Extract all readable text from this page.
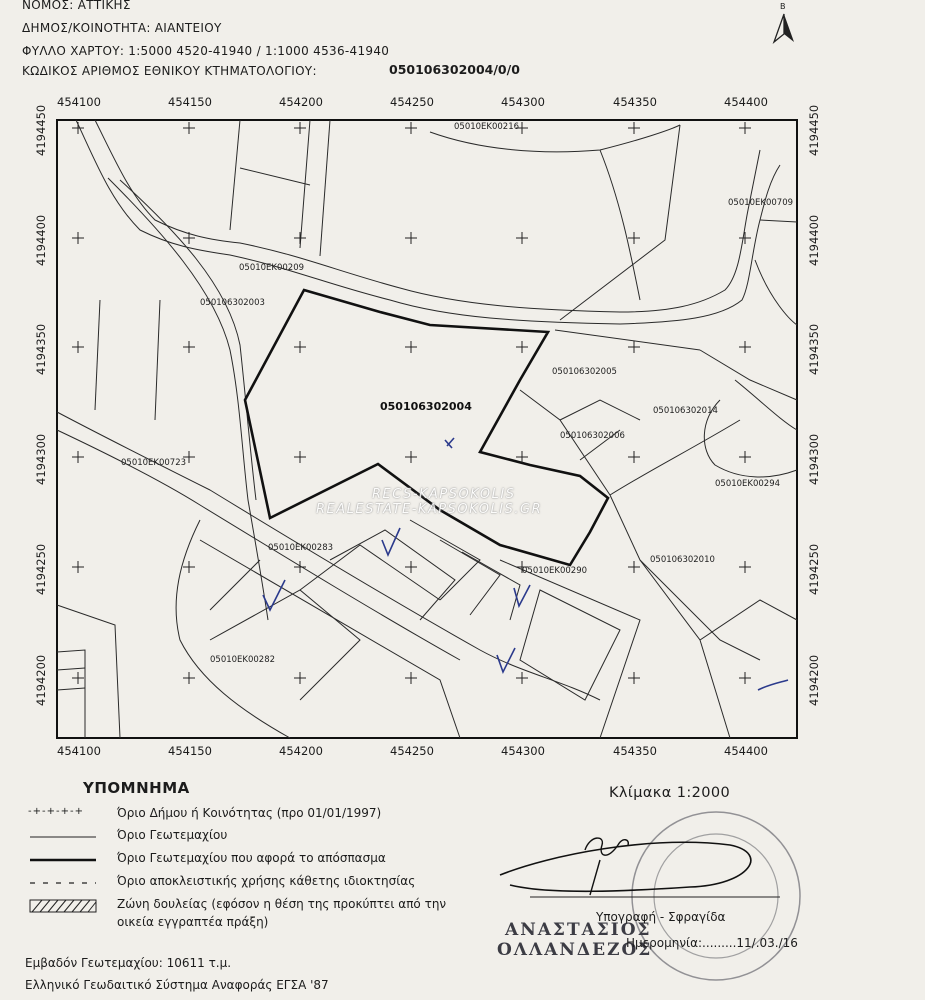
ΝΟΜΟΣ: ΑΤΤΙΚΗΣ
ΔΗΜΟΣ/ΚΟΙΝΟΤΗΤΑ: ΑΙΑΝΤΕΙΟΥ
ΦΥΛΛΟ ΧΑΡΤΟΥ: 1:5000 4520-41940 / 1:1000 4536-41940
ΚΩΔΙΚΟΣ ΑΡΙΘΜΟΣ ΕΘΝΙΚΟΥ ΚΤΗΜΑΤΟΛΟΓΙΟΥ:	050106302004/0/0
Β
05010EK00216
05010EK00209
050106302003
05010EK00709
050106302004
050106302005
050106302014
050106302006
05010EK00723
05010EK00294
05010EK00283
050106302010
05010EK00290
05010EK00282
454100	454150	454200	454250	454300	454350	454400
454100	454150	454200	454250	454300	454350	454400
4194450	4194450
4194400	4194400
4194350	4194350
4194300	4194300
4194250	4194250
4194200	4194200
RECS-KAPSOKOLIS
REALESTATE-KAPSOKOLIS.GR
ΥΠΟΜΝΗΜΑ	Κλίμακα 1:2000
-+-+-+-+	Όριο Δήμου ή Κοινότητας (προ 01/01/1997)
Όριο Γεωτεμαχίου
Όριο Γεωτεμαχίου που αφορά το απόσπασμα
Όριο αποκλειστικής χρήσης κάθετης ιδιοκτησίας
Ζώνη δουλείας (εφόσον η θέση της προκύπτει από την
οικεία εγγραπτέα πράξη)	ΑΝΑΣΤΑΣΙΟΣ
ΟΛΛΑΝΔΕΖΟΣ
Υπογραφή - Σφραγίδα
Ημερομηνία:.........11/.03./16
Εμβαδόν Γεωτεμαχίου: 10611 τ.μ.
Ελληνικό Γεωδαιτικό Σύστημα Αναφοράς ΕΓΣΑ '87
